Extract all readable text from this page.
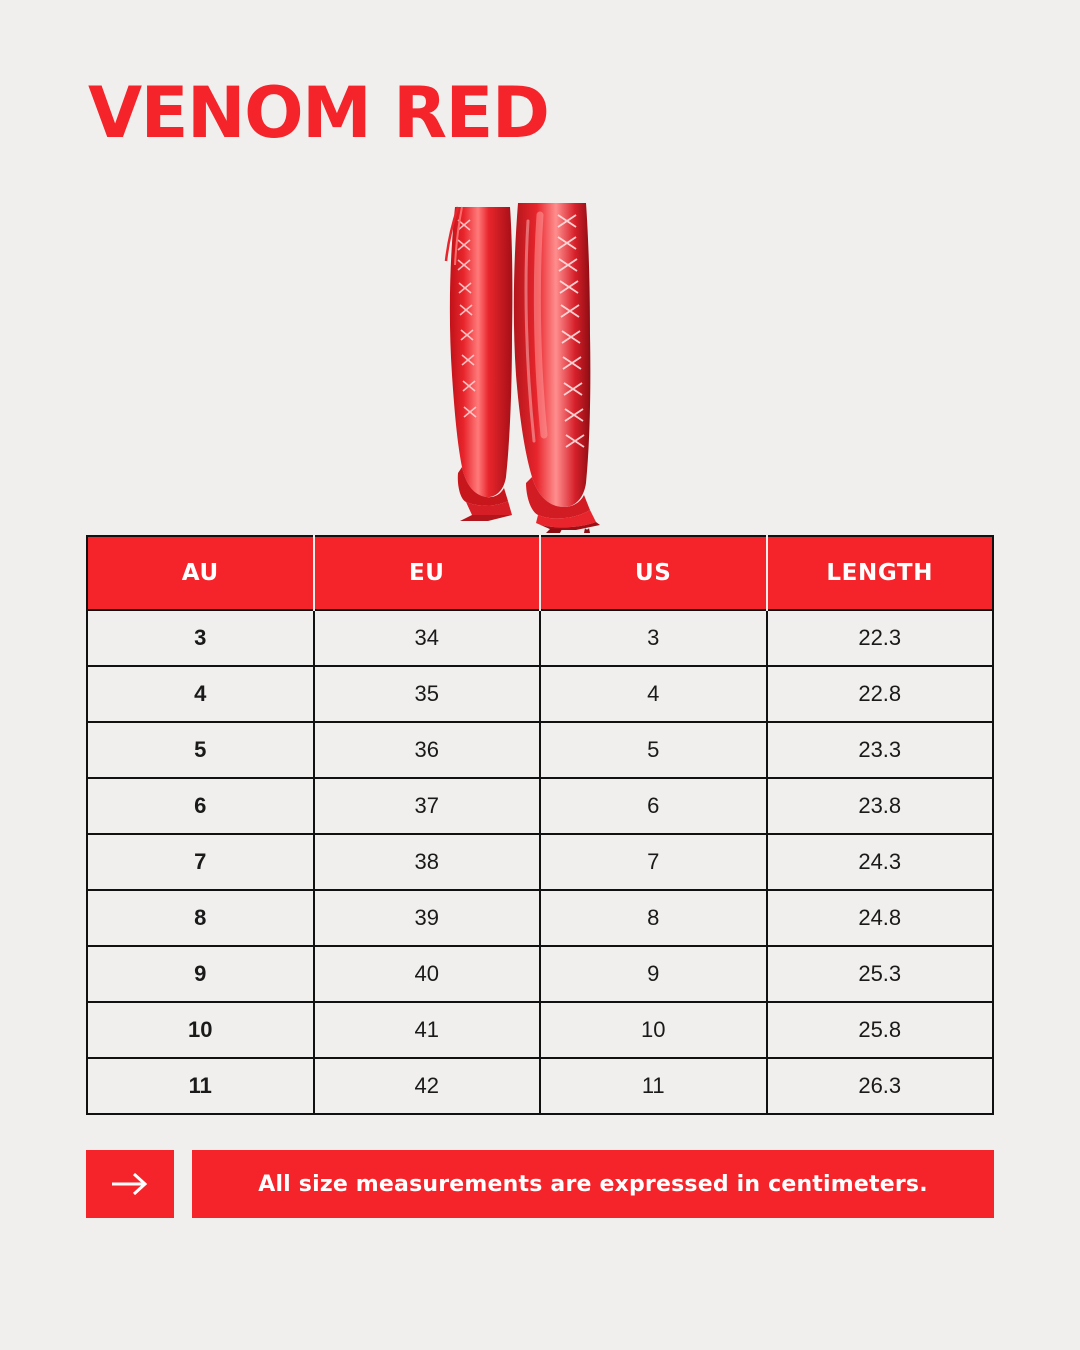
VENOM RED
AU	EU	US	LENGTH
3	34	3	22.3
4	35	4	22.8
5	36	5	23.3
6	37	6	23.8
7	38	7	24.3
8	39	8	24.8
9	40	9	25.3
10	41	10	25.8
11	42	11	26.3
All size measurements are expressed in centimeters.
